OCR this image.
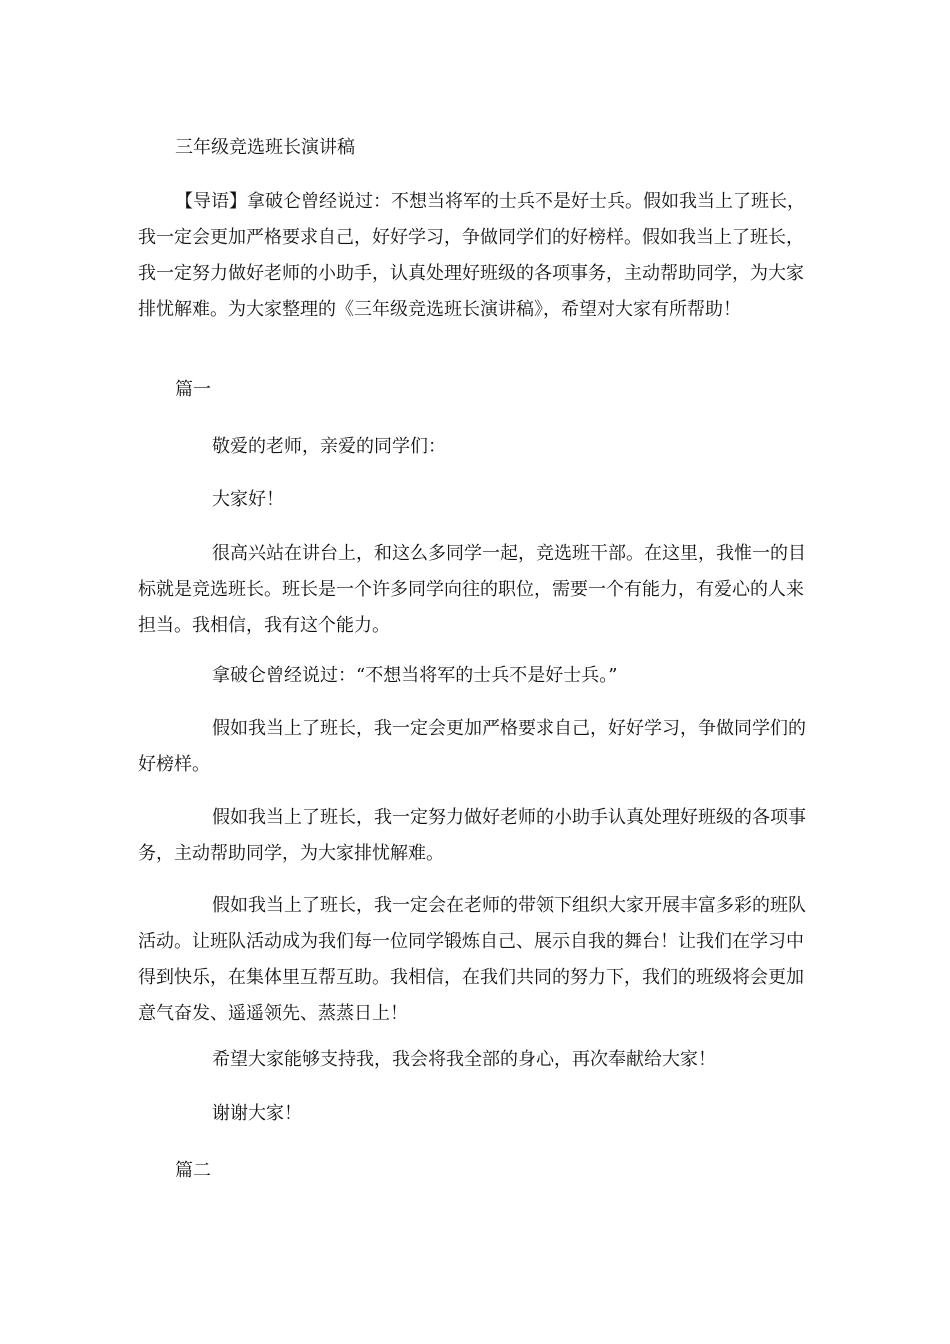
三年级竞选班长演讲稿

【导语】拿破仑曾经说过：不想当将军的士兵不是好士兵。假如我当上了班长，我一定会更加严格要求自己，好好学习，争做同学们的好榜样。假如我当上了班长，我一定努力做好老师的小助手，认真处理好班级的各项事务，主动帮助同学，为大家排忧解难。为大家整理的《三年级竞选班长演讲稿》，希望对大家有所帮助！

篇一

敬爱的老师，亲爱的同学们：

大家好！

很高兴站在讲台上，和这么多同学一起，竞选班干部。在这里，我惟一的目标就是竞选班长。班长是一个许多同学向往的职位，需要一个有能力，有爱心的人来担当。我相信，我有这个能力。

拿破仑曾经说过：“不想当将军的士兵不是好士兵。”

假如我当上了班长，我一定会更加严格要求自己，好好学习，争做同学们的好榜样。

假如我当上了班长，我一定努力做好老师的小助手认真处理好班级的各项事务，主动帮助同学，为大家排忧解难。

假如我当上了班长，我一定会在老师的带领下组织大家开展丰富多彩的班队活动。让班队活动成为我们每一位同学锻炼自己、展示自我的舞台！让我们在学习中得到快乐，在集体里互帮互助。我相信，在我们共同的努力下，我们的班级将会更加意气奋发、遥遥领先、蒸蒸日上！

希望大家能够支持我，我会将我全部的身心，再次奉献给大家！

谢谢大家！

篇二
